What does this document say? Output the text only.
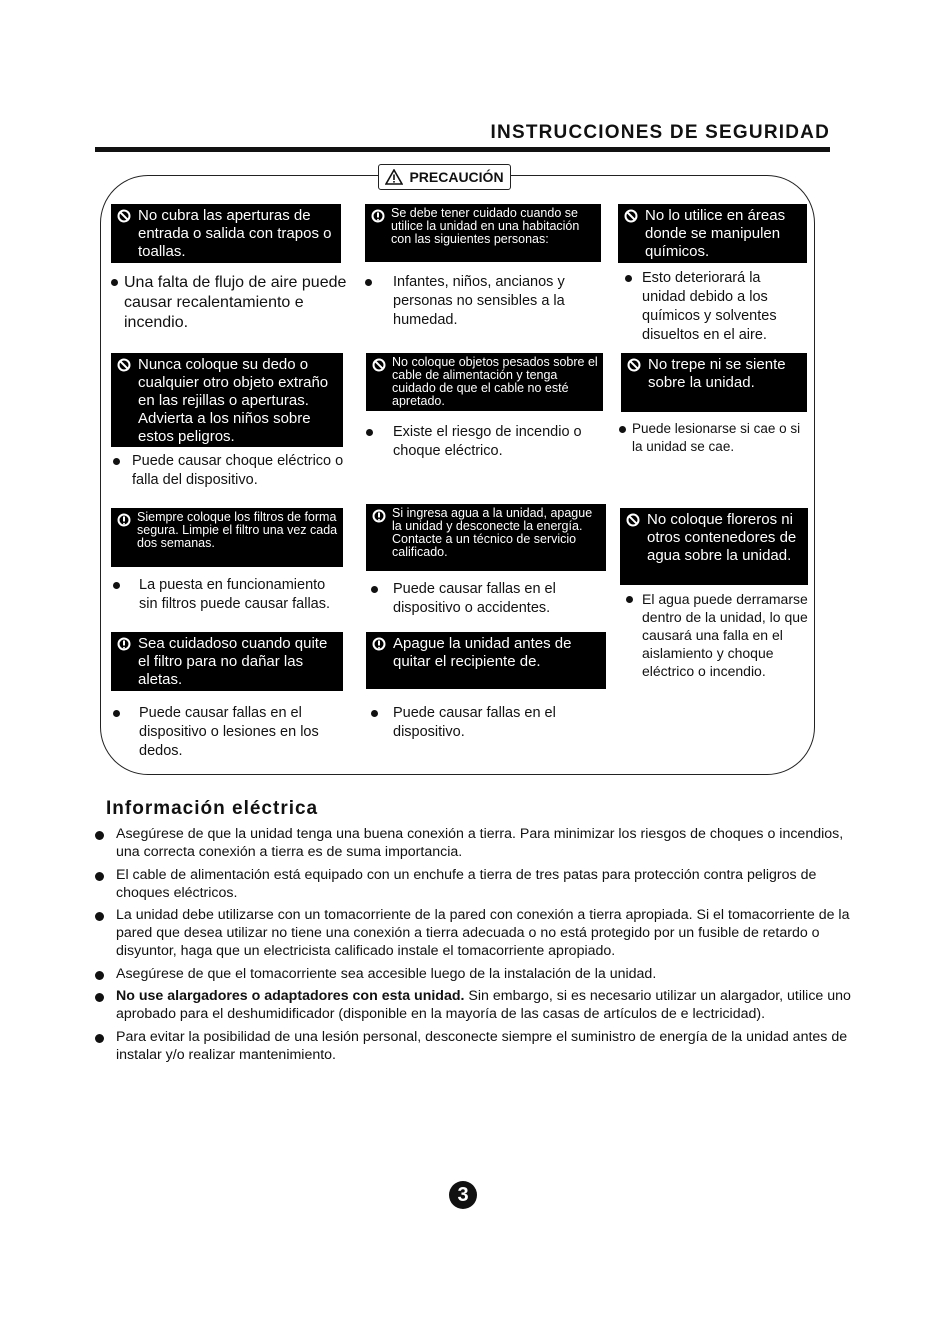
INSTRUCCIONES DE SEGURIDAD
PRECAUCIÓN
No cubra las aperturas de entrada o salida con trapos o toallas.
Se debe tener cuidado cuando se utilice la unidad en una habitación con las siguientes personas:
No lo utilice en áreas donde se manipulen químicos.
Nunca coloque su dedo o cualquier otro objeto extraño en las rejillas o aperturas. Advierta a los niños sobre estos peligros.
No coloque objetos pesados sobre el cable de alimentación y tenga cuidado de que el cable no esté apretado.
No trepe ni se siente sobre la unidad.
Siempre coloque los filtros de forma segura. Limpie el filtro una vez cada dos semanas.
Si ingresa agua a la unidad, apague la unidad y desconecte la energía. Contacte a un técnico de servicio calificado.
No coloque floreros ni otros contenedores de agua sobre la unidad.
Sea cuidadoso cuando quite el filtro para no dañar las aletas.
Apague la unidad antes de quitar el recipiente de.
Una falta de flujo de aire puede causar recalentamiento e incendio.
Infantes, niños, ancianos y personas no sensibles a la humedad.
Esto deteriorará la unidad debido a los químicos y solventes disueltos en el aire.
Puede causar choque eléctrico o falla del dispositivo.
Existe el riesgo de incendio o choque eléctrico.
Puede lesionarse si cae o si la unidad se cae.
La puesta en funcionamiento sin filtros puede causar fallas.
Puede causar fallas en el dispositivo o accidentes.
El agua puede derramarse dentro de la unidad, lo que causará una falla en el aislamiento y choque eléctrico o incendio.
Puede causar fallas en el dispositivo o lesiones en los dedos.
Puede causar fallas en el dispositivo.
Información eléctrica
Asegúrese de que la unidad tenga una buena conexión a tierra. Para minimizar los riesgos de choques o incendios, una correcta conexión a tierra es de suma importancia.
El cable de alimentación está equipado con un enchufe a tierra de tres patas para protección contra peligros de choques eléctricos.
La unidad debe utilizarse con un tomacorriente de la pared con conexión a tierra apropiada. Si el tomacorriente de la pared que desea utilizar no tiene una conexión a tierra adecuada o no está protegido por un fusible de retardo o disyuntor, haga que un electricista calificado instale el tomacorriente apropiado.
Asegúrese de que el tomacorriente sea accesible luego de la instalación de la unidad.
No use alargadores o adaptadores con esta unidad. Sin embargo, si es necesario utilizar un alargador, utilice uno aprobado para el deshumidificador (disponible en la mayoría de las casas de artículos de e lectricidad).
Para evitar la posibilidad de una lesión personal, desconecte siempre el suministro de energía de la unidad antes de instalar y/o realizar mantenimiento.
3
